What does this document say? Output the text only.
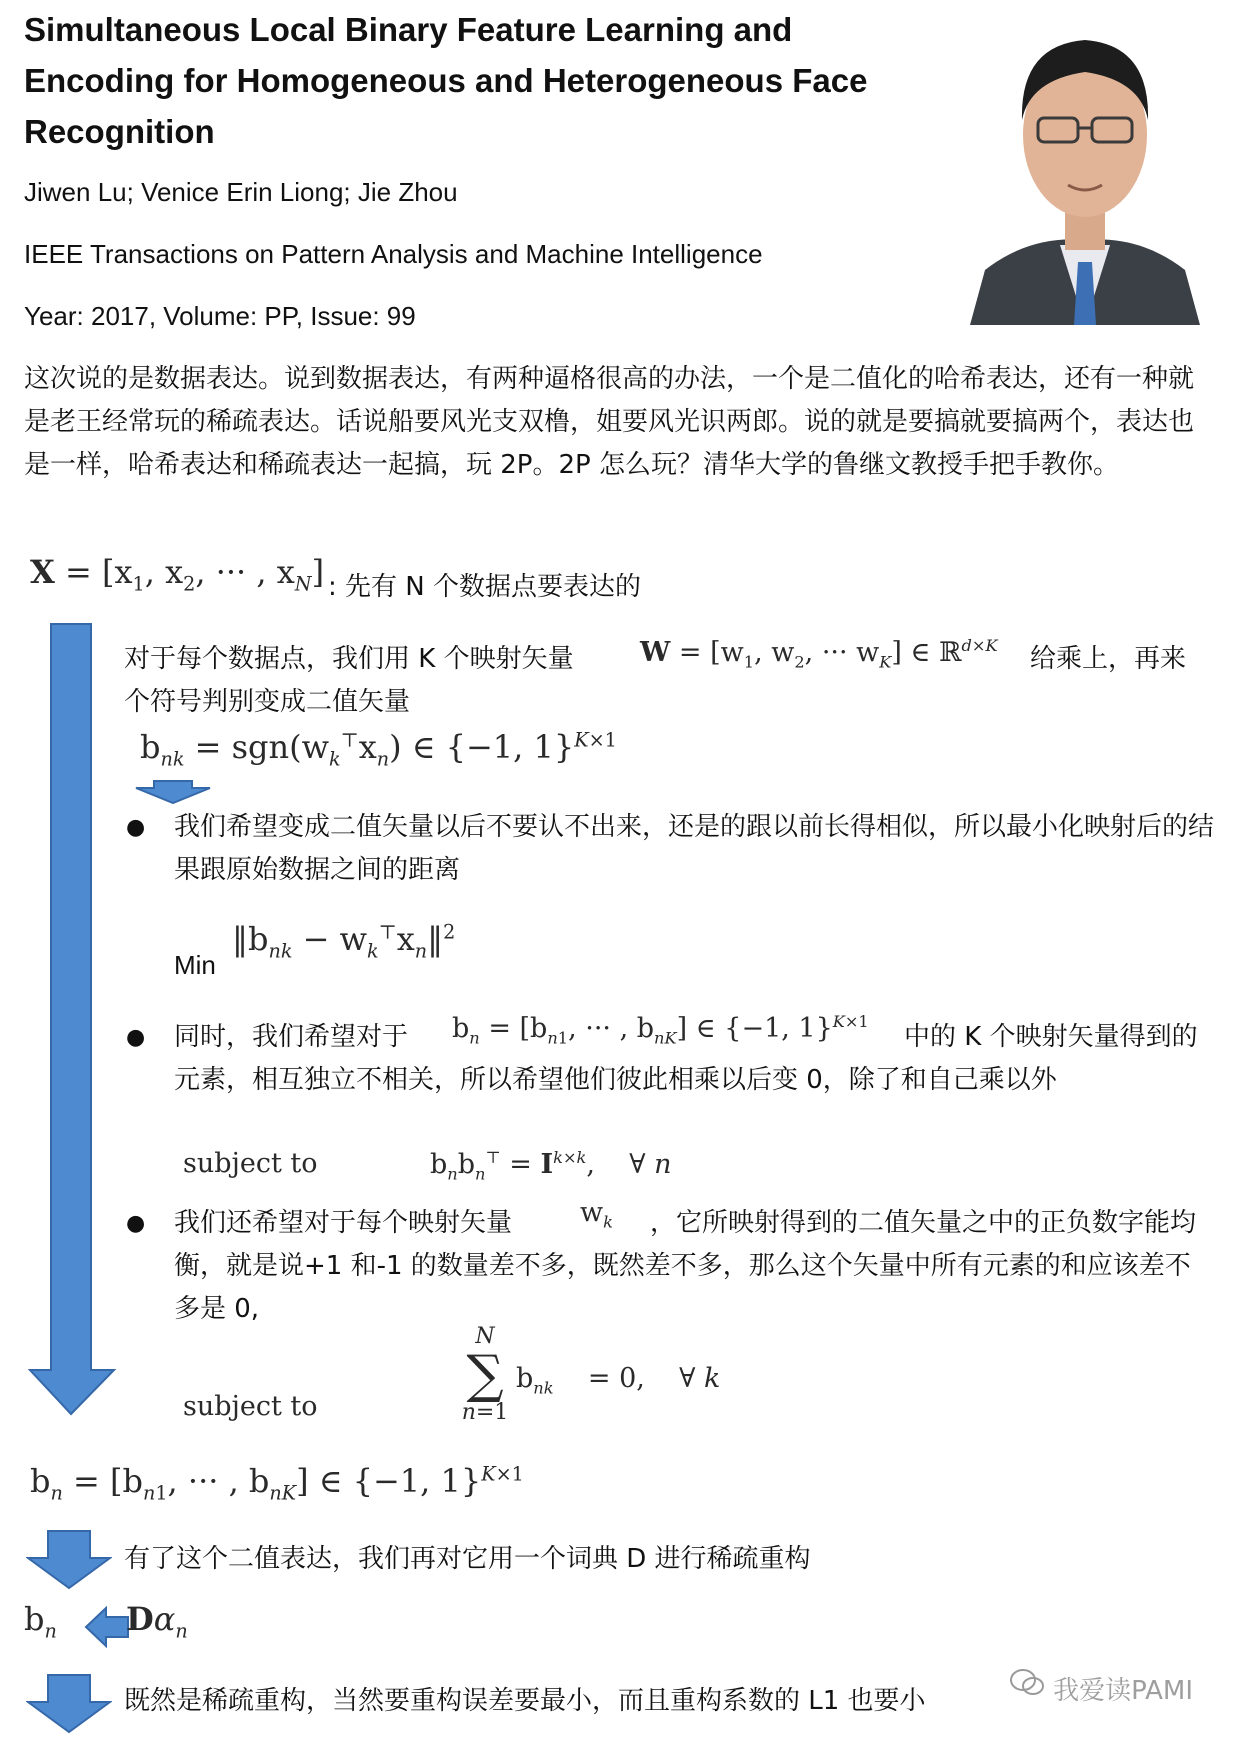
Simultaneous Local Binary Feature Learning and Encoding for Homogeneous and Heterogeneous Face Recognition

Jiwen Lu; Venice Erin Liong; Jie Zhou

IEEE Transactions on Pattern Analysis and Machine Intelligence

Year: 2017, Volume: PP, Issue: 99

这次说的是数据表达。说到数据表达，有两种逼格很高的办法，一个是二值化的哈希表达，还有一种就是老王经常玩的稀疏表达。话说船要风光支双橹，姐要风光识两郎。说的就是要搞就要搞两个，表达也是一样，哈希表达和稀疏表达一起搞，玩 2P。2P 怎么玩？清华大学的鲁继文教授手把手教你。

$X = [x_1$, $x_2$, ··· , $x_N$] : 先有 N 个数据点要表达的

对于每个数据点，我们用 K 个映射矢量 $W = [w_1$, $w_2$, ··· $w_K$] ∈ ℝ$^{d\times K}$ 给乘上，再来

个符号判别变成二值矢量

$b_{nk} = sgn(w_k^⊤x_n)$ ∈ {−1, 1}$^{K\times 1}$
● 我们希望变成二值矢量以后不要认不出来，还是的跟以前长得相似，所以最小化映射后的结果跟原始数据之间的距离

Min

$‖b_{nk}$ − $w_k^⊤x_n‖^2$
● 同时，我们希望对于 $b_n = [b_{n1}$, ··· , $b_{nK}$] ∈ {−1, 1}$^{K\times 1}$

中的 K 个映射矢量得到的元素，相互独立不相关，所以希望他们彼此相乘以后变 0，除了和自己乘以外

subject to	$b_nb_n^⊤ = I^{k\times k}$,    ∀ n
● 我们还希望对于每个映射矢量	$w_k$	，它所映射得到的二值矢量之中的正负数字能均衡，就是说+1 和-1 的数量差不多，既然差不多，那么这个矢量中所有元素的和应该差不多是 0,

subject to
N
∑
n=1
$b_{nk}$    = 0,    ∀ k
$b_n = [b_{n1}$, ··· , $b_{nK}$] ∈ {−1, 1}$^{K\times 1}$

有了这个二值表达，我们再对它用一个词典 D 进行稀疏重构

$b_n$ $D\alpha_n$

既然是稀疏重构，当然要重构误差要最小，而且重构系数的 L1 也要小	我爱读PAMI
